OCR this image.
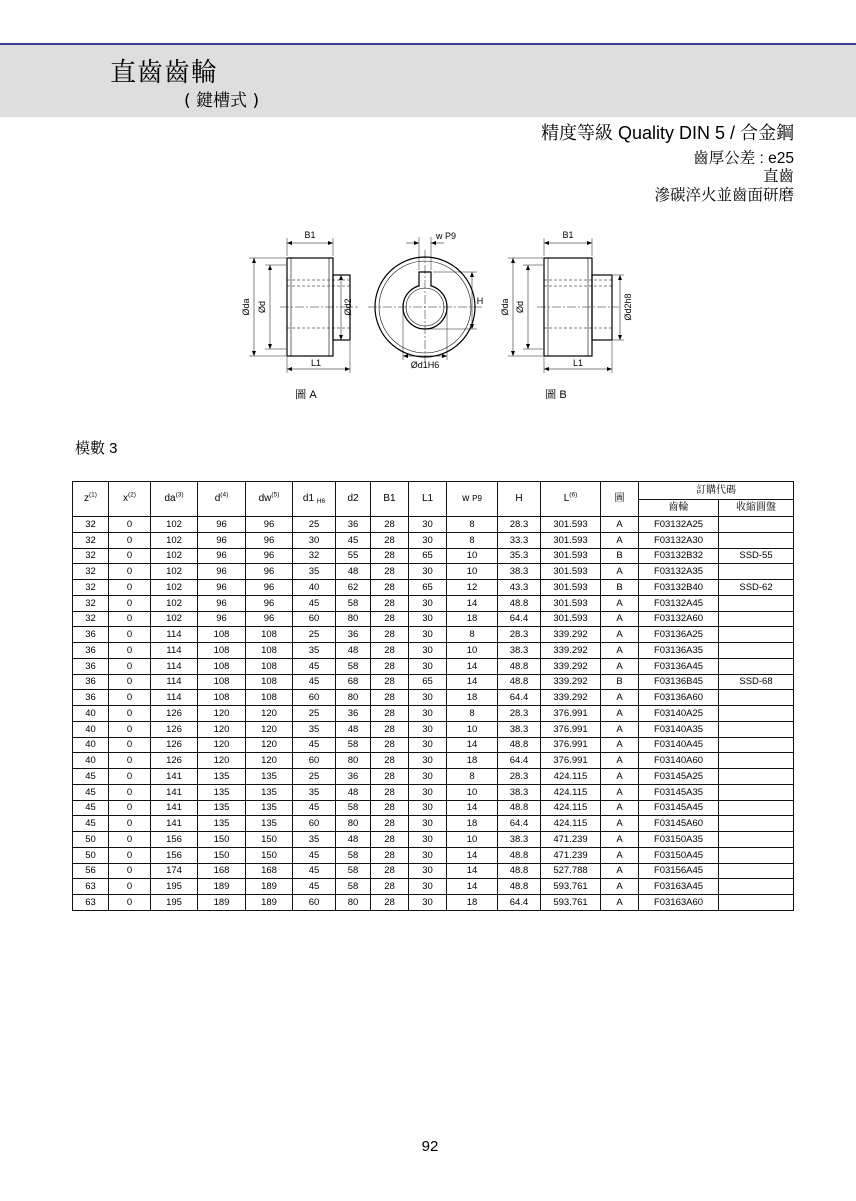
直齒齒輪
( 鍵槽式 )
精度等級 Quality DIN 5 / 合金鋼
齒厚公差 : e25
直齒
滲碳淬火並齒面研磨
B1
Øda Ød	Ød2
L1
w P9
H
Ød1H6
圖 A
B1
Øda Ød	Ød2h8
L1
圖 B
模數 3
$z^{(1)}$	$x^{(2)}$	$da^{(3)}$	$d^{(4)}$	$dw^{(5)}$	d1 $_{H6}$	d2	B1	L1	w P9	H	$L^{(6)}$	圖	訂購代碼	
													齒輪	收縮圓盤
32	0	102	96	96	25	36	28	30	8	28.3	301.593	A	F03132A25	
32	0	102	96	96	30	45	28	30	8	33.3	301.593	A	F03132A30	
32	0	102	96	96	32	55	28	65	10	35.3	301.593	B	F03132B32	SSD-55
32	0	102	96	96	35	48	28	30	10	38.3	301.593	A	F03132A35	
32	0	102	96	96	40	62	28	65	12	43.3	301.593	B	F03132B40	SSD-62
32	0	102	96	96	45	58	28	30	14	48.8	301.593	A	F03132A45	
32	0	102	96	96	60	80	28	30	18	64.4	301.593	A	F03132A60	
36	0	114	108	108	25	36	28	30	8	28.3	339.292	A	F03136A25	
36	0	114	108	108	35	48	28	30	10	38.3	339.292	A	F03136A35	
36	0	114	108	108	45	58	28	30	14	48.8	339.292	A	F03136A45	
36	0	114	108	108	45	68	28	65	14	48.8	339.292	B	F03136B45	SSD-68
36	0	114	108	108	60	80	28	30	18	64.4	339.292	A	F03136A60	
40	0	126	120	120	25	36	28	30	8	28.3	376.991	A	F03140A25	
40	0	126	120	120	35	48	28	30	10	38.3	376.991	A	F03140A35	
40	0	126	120	120	45	58	28	30	14	48.8	376.991	A	F03140A45	
40	0	126	120	120	60	80	28	30	18	64.4	376.991	A	F03140A60	
45	0	141	135	135	25	36	28	30	8	28.3	424.115	A	F03145A25	
45	0	141	135	135	35	48	28	30	10	38.3	424.115	A	F03145A35	
45	0	141	135	135	45	58	28	30	14	48.8	424.115	A	F03145A45	
45	0	141	135	135	60	80	28	30	18	64.4	424.115	A	F03145A60	
50	0	156	150	150	35	48	28	30	10	38.3	471.239	A	F03150A35	
50	0	156	150	150	45	58	28	30	14	48.8	471.239	A	F03150A45	
56	0	174	168	168	45	58	28	30	14	48.8	527.788	A	F03156A45	
63	0	195	189	189	45	58	28	30	14	48.8	593.761	A	F03163A45	
63	0	195	189	189	60	80	28	30	18	64.4	593.761	A	F03163A60	
92
